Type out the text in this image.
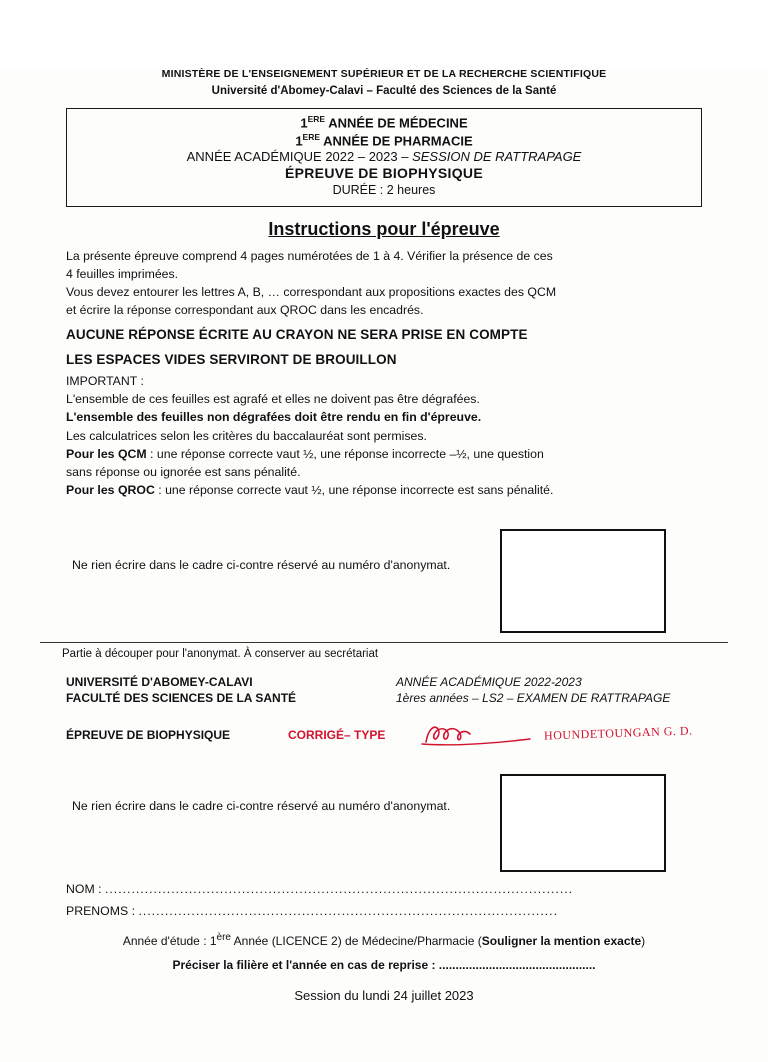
MINISTÈRE DE L'ENSEIGNEMENT SUPÉRIEUR ET DE LA RECHERCHE SCIENTIFIQUE
Université d'Abomey-Calavi – Faculté des Sciences de la Santé
1ERE ANNÉE DE MÉDECINE
1ERE ANNÉE DE PHARMACIE
ANNÉE ACADÉMIQUE 2022 – 2023 – SESSION DE RATTRAPAGE
ÉPREUVE DE BIOPHYSIQUE
DURÉE : 2 heures
Instructions pour l'épreuve

La présente épreuve comprend 4 pages numérotées de 1 à 4. Vérifier la présence de ces

4 feuilles imprimées.

Vous devez entourer les lettres A, B, … correspondant aux propositions exactes des QCM

et écrire la réponse correspondant aux QROC dans les encadrés.

AUCUNE RÉPONSE ÉCRITE AU CRAYON NE SERA PRISE EN COMPTE

LES ESPACES VIDES SERVIRONT DE BROUILLON

IMPORTANT :

L'ensemble de ces feuilles est agrafé et elles ne doivent pas être dégrafées.

L'ensemble des feuilles non dégrafées doit être rendu en fin d'épreuve.

Les calculatrices selon les critères du baccalauréat sont permises.

Pour les QCM : une réponse correcte vaut ½, une réponse incorrecte –½, une question

sans réponse ou ignorée est sans pénalité.

Pour les QROC : une réponse correcte vaut ½, une réponse incorrecte est sans pénalité.

Ne rien écrire dans le cadre ci-contre réservé au numéro d'anonymat.
Partie à découper pour l'anonymat. À conserver au secrétariat
UNIVERSITÉ D'ABOMEY-CALAVI
FACULTÉ DES SCIENCES DE LA SANTÉ
ANNÉE ACADÉMIQUE 2022-2023
1ères années – LS2 – EXAMEN DE RATTRAPAGE
ÉPREUVE DE BIOPHYSIQUE	CORRIGÉ– TYPE	HOUNDETOUNGAN G. D.
Ne rien écrire dans le cadre ci-contre réservé au numéro d'anonymat.
NOM : ..........................................................................................................
PRENOMS : ...............................................................................................
Année d'étude : 1ère Année (LICENCE 2) de Médecine/Pharmacie (Souligner la mention exacte)
Préciser la filière et l'année en cas de reprise : ...............................................
Session du lundi 24 juillet 2023
